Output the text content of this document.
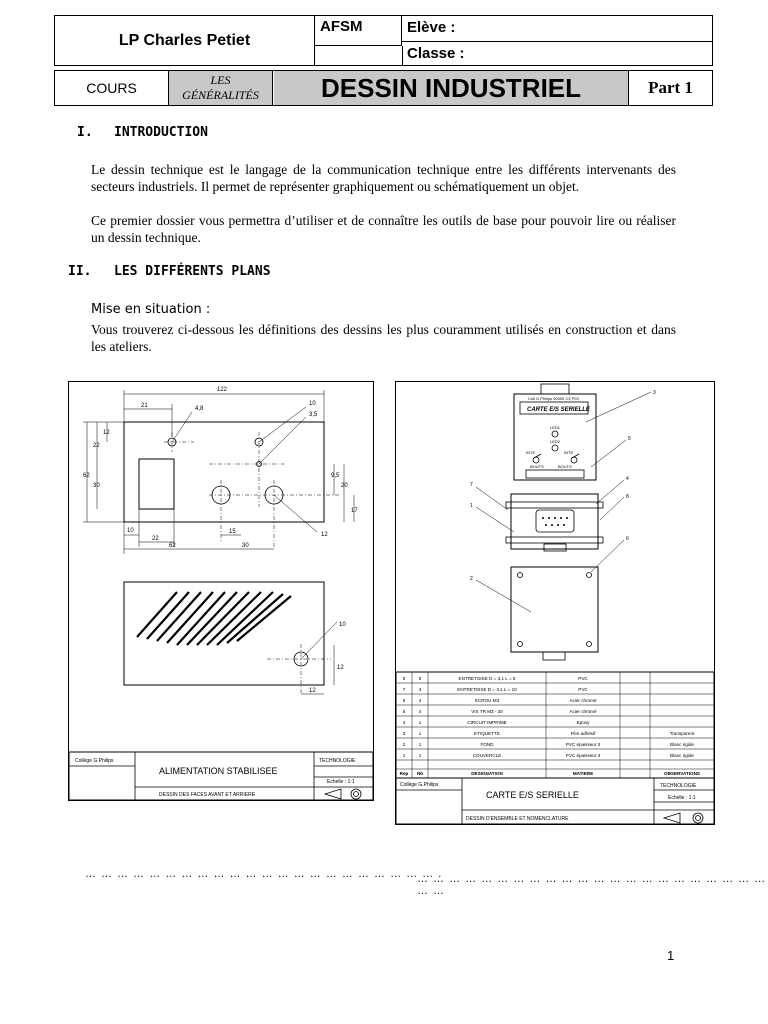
LP Charles Petiet
AFSM	Elève :
Classe :
COURS	LES
GÉNÉRALITÉS	DESSIN INDUSTRIEL	Part 1
I. INTRODUCTION
Le dessin technique est le langage de la communication technique entre les différents intervenants des secteurs industriels. Il permet de représenter graphiquement ou schématiquement un objet.
Ce premier dossier vous permettra d’utiliser et de connaître les outils de base pour pouvoir lire ou réaliser un dessin technique.
II. LES DIFFÉRENTS PLANS
Mise en situation :
Vous trouverez ci-dessous les définitions des dessins les plus couramment utilisés en construction et dans les ateliers.
122
21	4,8
10
3,5
22
12
62
30
9,5
20
17
10
22
15
30
62
12
10
12
12
Collège G.Philips
ALIMENTATION STABILISEE
TECHNOLOGIE
Echelle : 1:1
DESSIN DES FACES AVANT ET ARRIERE
Coll G.Philips 00000 C3 P03
CARTE E/S SERIELLE
LED1
LED2
INTE	INTE
BOUTS	BOUTS
3
5
7
1
4
8
6
2
8	8	ENTRETOISE D = 3,1 L = 5	PVC
7	4	ENTRETOISE D = 3,1 L = 10	PVC
6	4	ECROU M3	Acier chromé
5	4	VIS TR M3 - 30	Acier chromé
4	1	CIRCUIT IMPRIME	Epoxy
3	1	ETIQUETTE	Film adhésif	Transparent
2	1	FOND	PVC épaisseur 3	Blanc rigide
1	1	COUVERCLE	PVC épaisseur 3	Blanc rigide
Rep Nb	DESIGNATION	MATIERE	OBSERVATIONS
Collège G.Philips
CARTE E/S SERIELLE
TECHNOLOGIE
Echelle : 1:1
DESSIN D'ENSEMBLE ET NOMENCLATURE
… … … … … … … … … … … … … … … … … … … … … … .
… … … … … … … … … … … … … … … … … … … … … … … …
1
